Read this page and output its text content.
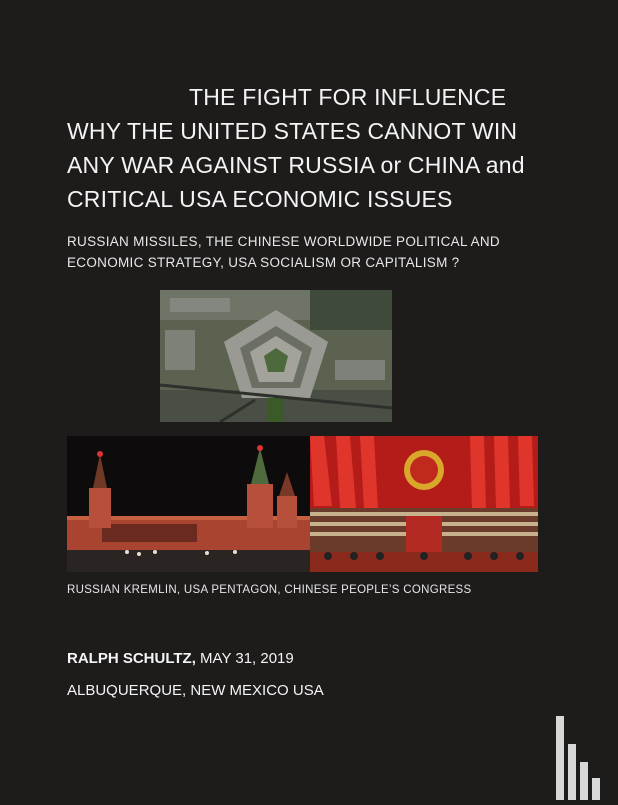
THE FIGHT FOR INFLUENCE
WHY THE UNITED STATES CANNOT WIN
ANY WAR AGAINST RUSSIA or CHINA and
CRITICAL USA ECONOMIC ISSUES
RUSSIAN MISSILES, THE CHINESE WORLDWIDE POLITICAL AND
ECONOMIC STRATEGY, USA SOCIALISM OR CAPITALISM ?
RUSSIAN KREMLIN, USA PENTAGON, CHINESE PEOPLE’S CONGRESS
RALPH SCHULTZ, MAY 31, 2019
ALBUQUERQUE, NEW MEXICO USA
